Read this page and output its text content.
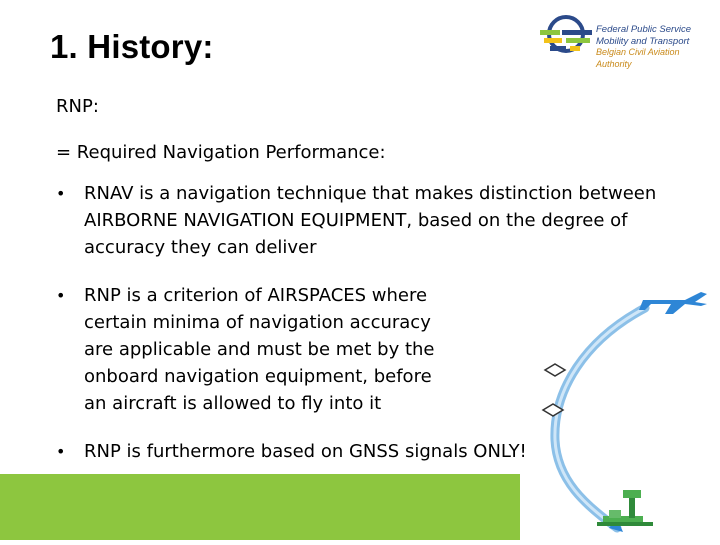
1. History:	Federal Public Service
Mobility and Transport
Belgian Civil Aviation Authority
RNP:
= Required Navigation Performance:
• RNAV is a navigation technique that makes distinction between
AIRBORNE NAVIGATION EQUIPMENT, based on the degree of
accuracy they can deliver
• RNP is a criterion of AIRSPACES where
certain minima of navigation accuracy
are applicable and must be met by the
onboard navigation equipment, before
an aircraft is allowed to fly into it
• RNP is furthermore based on GNSS signals ONLY!
